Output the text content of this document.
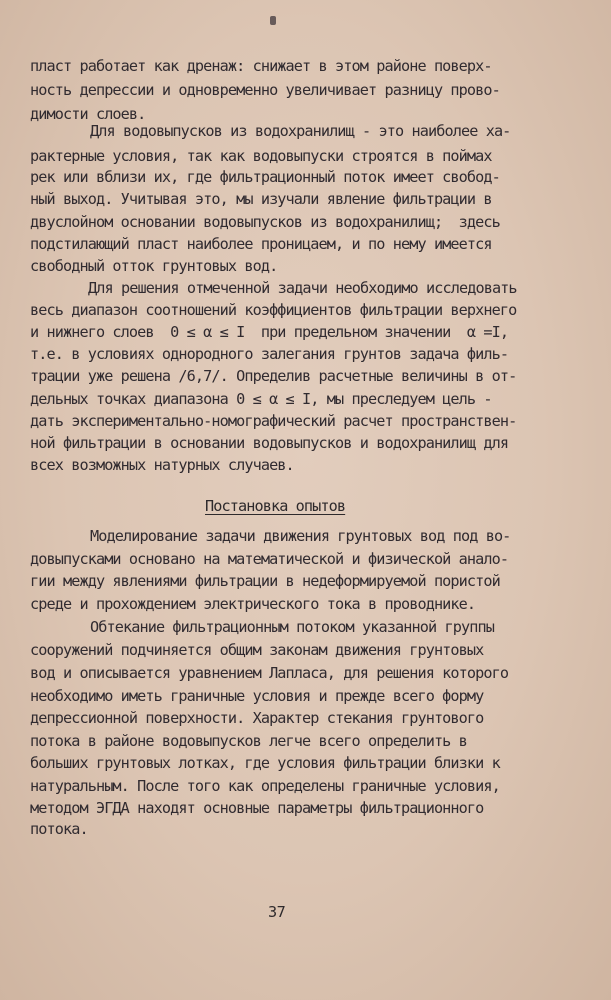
пласт работает как дренаж: снижает в этом районе поверх-
ность депрессии и одновременно увеличивает разницу прово-
димости слоев.
Для водовыпусков из водохранилищ - это наиболее ха-
рактерные условия, так как водовыпуски строятся в поймах
рек или вблизи их, где фильтрационный поток имеет свобод-
ный выход. Учитывая это, мы изучали явление фильтрации в
двуслойном основании водовыпусков из водохранилищ;  здесь
подстилающий пласт наиболее проницаем, и по нему имеется
свободный отток грунтовых вод.
Для решения отмеченной задачи необходимо исследовать
весь диапазон соотношений коэффициентов фильтрации верхнего
и нижнего слоев  0 ≤ α ≤ I  при предельном значении  α =I,
т.е. в условиях однородного залегания грунтов задача филь-
трации уже решена /6,7/. Определив расчетные величины в от-
дельных точках диапазона 0 ≤ α ≤ I, мы преследуем цель -
дать экспериментально-номографический расчет пространствен-
ной фильтрации в основании водовыпусков и водохранилищ для
всех возможных натурных случаев.
Постановка опытов
Моделирование задачи движения грунтовых вод под во-
довыпусками основано на математической и физической анало-
гии между явлениями фильтрации в недеформируемой пористой
среде и прохождением электрического тока в проводнике.
Обтекание фильтрационным потоком указанной группы
сооружений подчиняется общим законам движения грунтовых
вод и описывается уравнением Лапласа, для решения которого
необходимо иметь граничные условия и прежде всего форму
депрессионной поверхности. Характер стекания грунтового
потока в районе водовыпусков легче всего определить в
больших грунтовых лотках, где условия фильтрации близки к
натуральным. После того как определены граничные условия,
методом ЭГДА находят основные параметры фильтрационного
потока.
37
